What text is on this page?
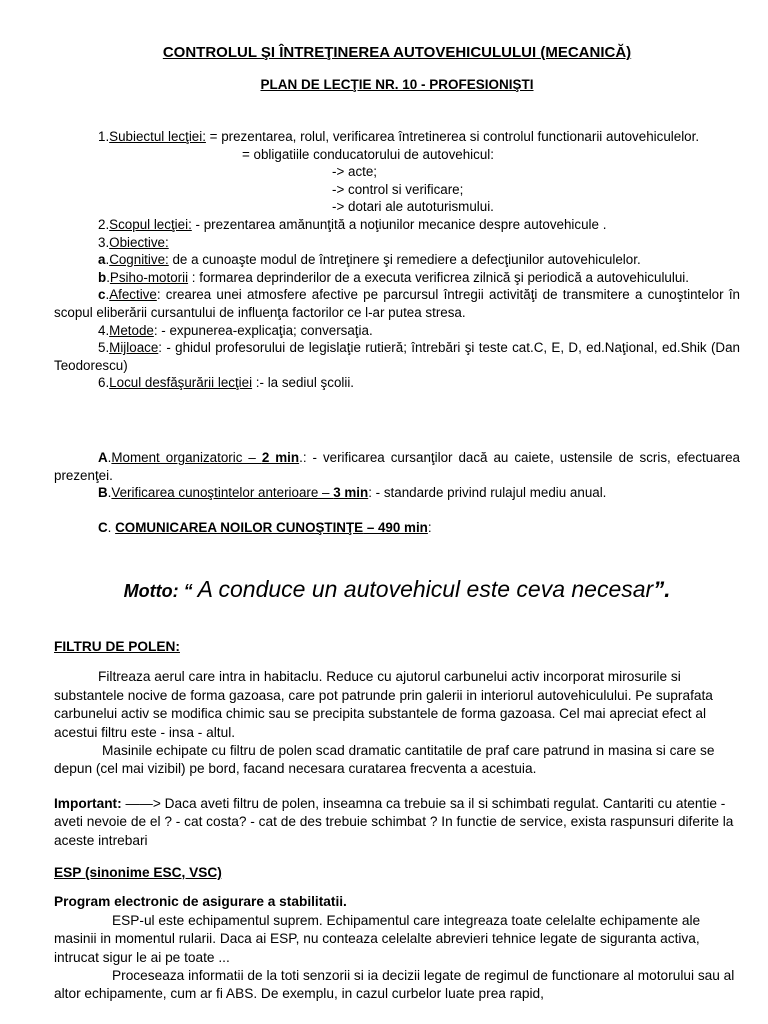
CONTROLUL ŞI ÎNTREŢINEREA AUTOVEHICULULUI (MECANICĂ)
PLAN DE LECŢIE NR. 10 - PROFESIONIŞTI

1.Subiectul lecţiei: = prezentarea, rolul, verificarea întretinerea si controlul functionarii autovehiculelor.

= obligatiile conducatorului de autovehicul:

-> acte;

-> control si verificare;

-> dotari ale autoturismului.

2.Scopul lecţiei: - prezentarea amănunţită a noţiunilor mecanice despre autovehicule .

3.Obiective:

a.Cognitive: de a cunoaşte modul de întreţinere şi remediere a defecţiunilor autovehiculelor.

b.Psiho-motorii : formarea deprinderilor de a executa verificrea zilnică şi periodică a autovehiculului.

c.Afective: crearea unei atmosfere afective pe parcursul întregii activităţi de transmitere a cunoştintelor în scopul eliberării cursantului de influenţa factorilor ce l-ar putea stresa.

4.Metode: - expunerea-explicaţia; conversaţia.

5.Mijloace: - ghidul profesorului de legislaţie rutieră; întrebări şi teste cat.C, E, D, ed.Naţional, ed.Shik (Dan Teodorescu)

6.Locul desfăşurării lecţiei :- la sediul şcolii.

A.Moment organizatoric – 2 min.: - verificarea cursanţilor dacă au caiete, ustensile de scris, efectuarea prezenţei.

B.Verificarea cunoştintelor anterioare – 3 min: - standarde privind rulajul mediu anual.

C. COMUNICAREA NOILOR CUNOŞTINŢE – 490 min:

Motto: “ A conduce un autovehicul este ceva necesar”.

FILTRU DE POLEN:

Filtreaza aerul care intra in habitaclu. Reduce cu ajutorul carbunelui activ incorporat mirosurile si substantele nocive de forma gazoasa, care pot patrunde prin galerii in interiorul autovehiculului. Pe suprafata carbunelui activ se modifica chimic sau se precipita substantele de forma gazoasa. Cel mai apreciat efect al acestui filtru este - insa - altul.

Masinile echipate cu filtru de polen scad dramatic cantitatile de praf care patrund in masina si care se depun (cel mai vizibil) pe bord, facand necesara curatarea frecventa a acestuia.

Important: ——> Daca aveti filtru de polen, inseamna ca trebuie sa il si schimbati regulat. Cantariti cu atentie - aveti nevoie de el ? - cat costa? - cat de des trebuie schimbat ? In functie de service, exista raspunsuri diferite la aceste intrebari

ESP (sinonime ESC, VSC)

Program electronic de asigurare a stabilitatii.

ESP-ul este echipamentul suprem. Echipamentul care integreaza toate celelalte echipamente ale masinii in momentul rularii. Daca ai ESP, nu conteaza celelalte abrevieri tehnice legate de siguranta activa, intrucat sigur le ai pe toate ...

Proceseaza informatii de la toti senzorii si ia decizii legate de regimul de functionare al motorului sau al altor echipamente, cum ar fi ABS. De exemplu, in cazul curbelor luate prea rapid,
